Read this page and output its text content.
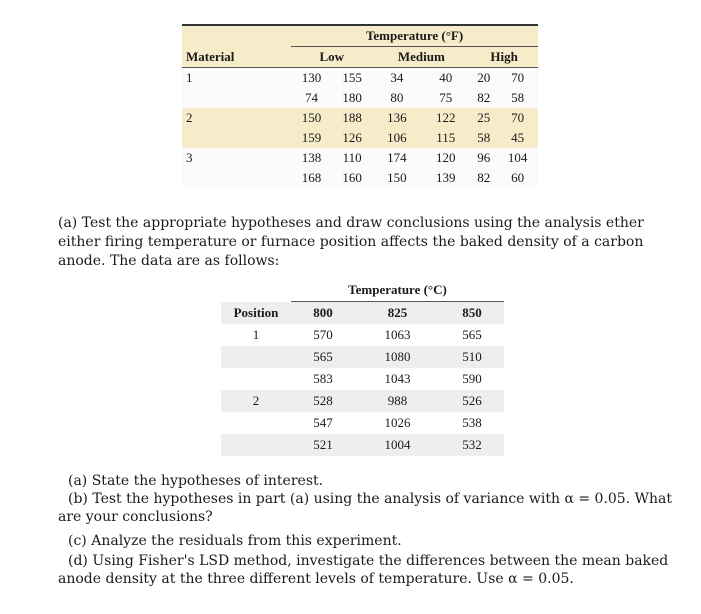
	Temperature (°F)					
Material	Low		Medium		High	
1	130	155	34	40	20	70
	74	180	80	75	82	58
2	150	188	136	122	25	70
	159	126	106	115	58	45
3	138	110	174	120	96	104
	168	160	150	139	82	60
(a) Test the appropriate hypotheses and draw conclusions using the analysis ether either firing temperature or furnace position affects the baked density of a carbon anode. The data are as follows:
	Temperature (°C)		
Position	800	825	850
1	570	1063	565
	565	1080	510
	583	1043	590
2	528	988	526
	547	1026	538
	521	1004	532
(a) State the hypotheses of interest.
(b) Test the hypotheses in part (a) using the analysis of variance with α = 0.05. What are your conclusions?
(c) Analyze the residuals from this experiment.
(d) Using Fisher's LSD method, investigate the differences between the mean baked anode density at the three different levels of temperature. Use α = 0.05.
